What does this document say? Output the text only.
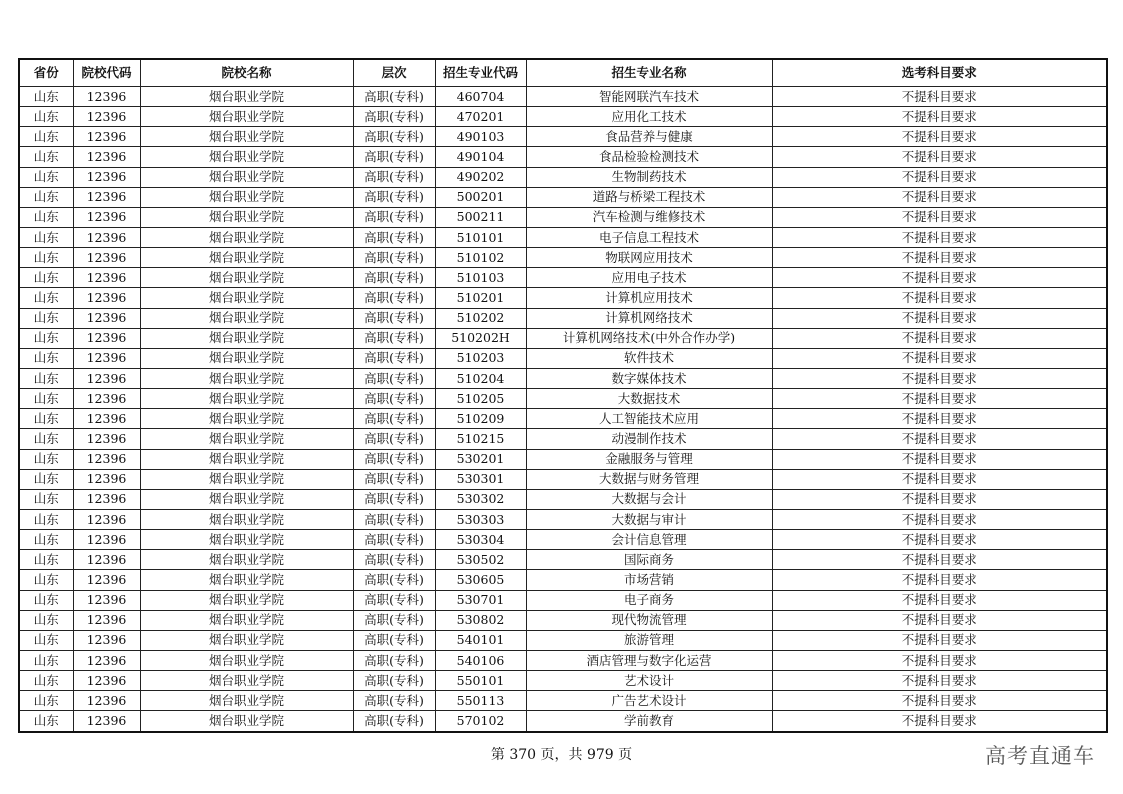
省份	院校代码	院校名称	层次	招生专业代码	招生专业名称	选考科目要求
山东	12396	烟台职业学院	高职(专科)	460704	智能网联汽车技术	不提科目要求
山东	12396	烟台职业学院	高职(专科)	470201	应用化工技术	不提科目要求
山东	12396	烟台职业学院	高职(专科)	490103	食品营养与健康	不提科目要求
山东	12396	烟台职业学院	高职(专科)	490104	食品检验检测技术	不提科目要求
山东	12396	烟台职业学院	高职(专科)	490202	生物制药技术	不提科目要求
山东	12396	烟台职业学院	高职(专科)	500201	道路与桥梁工程技术	不提科目要求
山东	12396	烟台职业学院	高职(专科)	500211	汽车检测与维修技术	不提科目要求
山东	12396	烟台职业学院	高职(专科)	510101	电子信息工程技术	不提科目要求
山东	12396	烟台职业学院	高职(专科)	510102	物联网应用技术	不提科目要求
山东	12396	烟台职业学院	高职(专科)	510103	应用电子技术	不提科目要求
山东	12396	烟台职业学院	高职(专科)	510201	计算机应用技术	不提科目要求
山东	12396	烟台职业学院	高职(专科)	510202	计算机网络技术	不提科目要求
山东	12396	烟台职业学院	高职(专科)	510202H	计算机网络技术(中外合作办学)	不提科目要求
山东	12396	烟台职业学院	高职(专科)	510203	软件技术	不提科目要求
山东	12396	烟台职业学院	高职(专科)	510204	数字媒体技术	不提科目要求
山东	12396	烟台职业学院	高职(专科)	510205	大数据技术	不提科目要求
山东	12396	烟台职业学院	高职(专科)	510209	人工智能技术应用	不提科目要求
山东	12396	烟台职业学院	高职(专科)	510215	动漫制作技术	不提科目要求
山东	12396	烟台职业学院	高职(专科)	530201	金融服务与管理	不提科目要求
山东	12396	烟台职业学院	高职(专科)	530301	大数据与财务管理	不提科目要求
山东	12396	烟台职业学院	高职(专科)	530302	大数据与会计	不提科目要求
山东	12396	烟台职业学院	高职(专科)	530303	大数据与审计	不提科目要求
山东	12396	烟台职业学院	高职(专科)	530304	会计信息管理	不提科目要求
山东	12396	烟台职业学院	高职(专科)	530502	国际商务	不提科目要求
山东	12396	烟台职业学院	高职(专科)	530605	市场营销	不提科目要求
山东	12396	烟台职业学院	高职(专科)	530701	电子商务	不提科目要求
山东	12396	烟台职业学院	高职(专科)	530802	现代物流管理	不提科目要求
山东	12396	烟台职业学院	高职(专科)	540101	旅游管理	不提科目要求
山东	12396	烟台职业学院	高职(专科)	540106	酒店管理与数字化运营	不提科目要求
山东	12396	烟台职业学院	高职(专科)	550101	艺术设计	不提科目要求
山东	12396	烟台职业学院	高职(专科)	550113	广告艺术设计	不提科目要求
山东	12396	烟台职业学院	高职(专科)	570102	学前教育	不提科目要求
第 370 页，共 979 页	高考直通车
